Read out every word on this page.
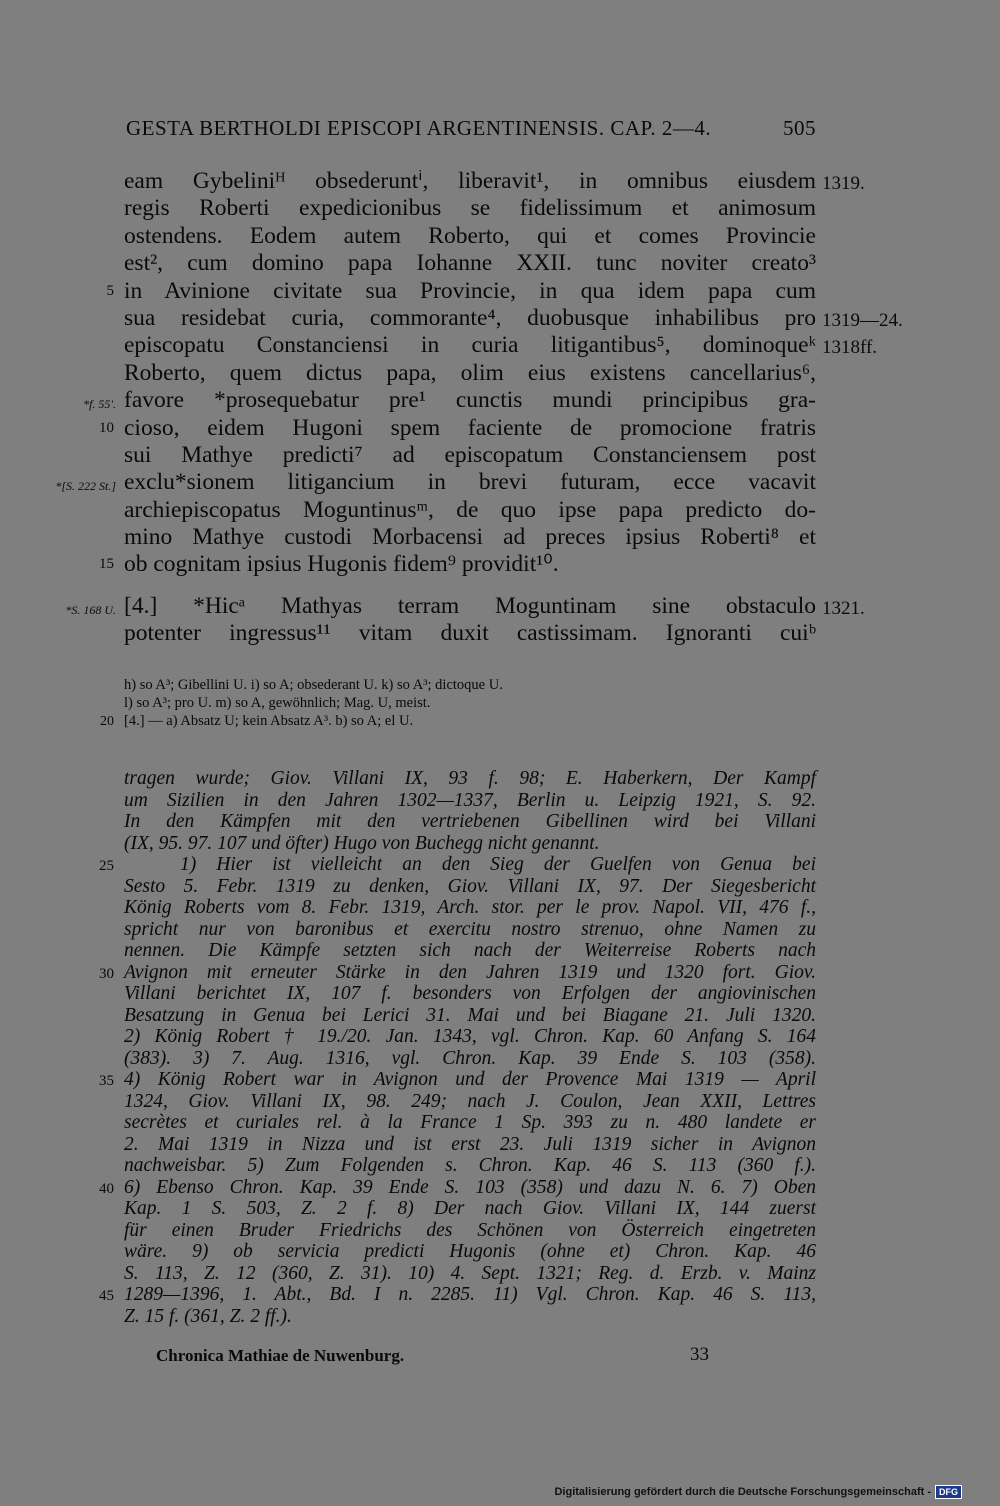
GESTA BERTHOLDI EPISCOPI ARGENTINENSIS. CAP. 2—4.	505
1319.
eam Gybeliniᴴ obsederuntⁱ, liberavit¹, in omnibus eiusdem
regis Roberti expedicionibus se fidelissimum et animosum
ostendens. Eodem autem Roberto, qui et comes Provincie
est², cum domino papa Iohanne XXII. tunc noviter creato³
5 in Avinione civitate sua Provincie, in qua idem papa cum
1319—24.
sua residebat curia, commorante⁴, duobusque inhabilibus pro
1318ff.
episcopatu Constanciensi in curia litigantibus⁵, dominoqueᵏ
Roberto, quem dictus papa, olim eius existens cancellarius⁶,
*f. 55'. favore *prosequebatur pre¹ cunctis mundi principibus gra-
10 cioso, eidem Hugoni spem faciente de promocione fratris
sui Mathye predicti⁷ ad episcopatum Constanciensem post
*[S. 222 St.] exclu*sionem litigancium in brevi futuram, ecce vacavit
archiepiscopatus Moguntinusᵐ, de quo ipse papa predicto do-
mino Mathye custodi Morbacensi ad preces ipsius Roberti⁸ et
15 ob cognitam ipsius Hugonis fidem⁹ providit¹⁰.
*S. 168 U.	1321.
[4.] *Hicᵃ Mathyas terram Moguntinam sine obstaculo
potenter ingressus¹¹ vitam duxit castissimam. Ignoranti cuiᵇ
h) so A³; Gibellini U. i) so A; obsederant U. k) so A³; dictoque U.
l) so A³; pro U. m) so A, gewöhnlich; Mag. U, meist.
20 [4.] — a) Absatz U; kein Absatz A³. b) so A; el U.
tragen wurde; Giov. Villani IX, 93 f. 98; E. Haberkern, Der Kampf
um Sizilien in den Jahren 1302—1337, Berlin u. Leipzig 1921, S. 92.
In den Kämpfen mit den vertriebenen Gibellinen wird bei Villani
(IX, 95. 97. 107 und öfter) Hugo von Buchegg nicht genannt.
25	1) Hier ist vielleicht an den Sieg der Guelfen von Genua bei
Sesto 5. Febr. 1319 zu denken, Giov. Villani IX, 97. Der Siegesbericht
König Roberts vom 8. Febr. 1319, Arch. stor. per le prov. Napol. VII, 476 f.,
spricht nur von baronibus et exercitu nostro strenuo, ohne Namen zu
nennen. Die Kämpfe setzten sich nach der Weiterreise Roberts nach
30 Avignon mit erneuter Stärke in den Jahren 1319 und 1320 fort. Giov.
Villani berichtet IX, 107 f. besonders von Erfolgen der angiovinischen
Besatzung in Genua bei Lerici 31. Mai und bei Biagane 21. Juli 1320.
2) König Robert † 19./20. Jan. 1343, vgl. Chron. Kap. 60 Anfang S. 164
(383). 3) 7. Aug. 1316, vgl. Chron. Kap. 39 Ende S. 103 (358).
35 4) König Robert war in Avignon und der Provence Mai 1319 — April
1324, Giov. Villani IX, 98. 249; nach J. Coulon, Jean XXII, Lettres
secrètes et curiales rel. à la France 1 Sp. 393 zu n. 480 landete er
2. Mai 1319 in Nizza und ist erst 23. Juli 1319 sicher in Avignon
nachweisbar. 5) Zum Folgenden s. Chron. Kap. 46 S. 113 (360 f.).
40 6) Ebenso Chron. Kap. 39 Ende S. 103 (358) und dazu N. 6. 7) Oben
Kap. 1 S. 503, Z. 2 f. 8) Der nach Giov. Villani IX, 144 zuerst
für einen Bruder Friedrichs des Schönen von Österreich eingetreten
wäre. 9) ob servicia predicti Hugonis (ohne et) Chron. Kap. 46
S. 113, Z. 12 (360, Z. 31). 10) 4. Sept. 1321; Reg. d. Erzb. v. Mainz
45 1289—1396, 1. Abt., Bd. I n. 2285. 11) Vgl. Chron. Kap. 46 S. 113,
Z. 15 f. (361, Z. 2 ff.).
Chronica Mathiae de Nuwenburg.	33
Digitalisierung gefördert durch die Deutsche Forschungsgemeinschaft - DFG
